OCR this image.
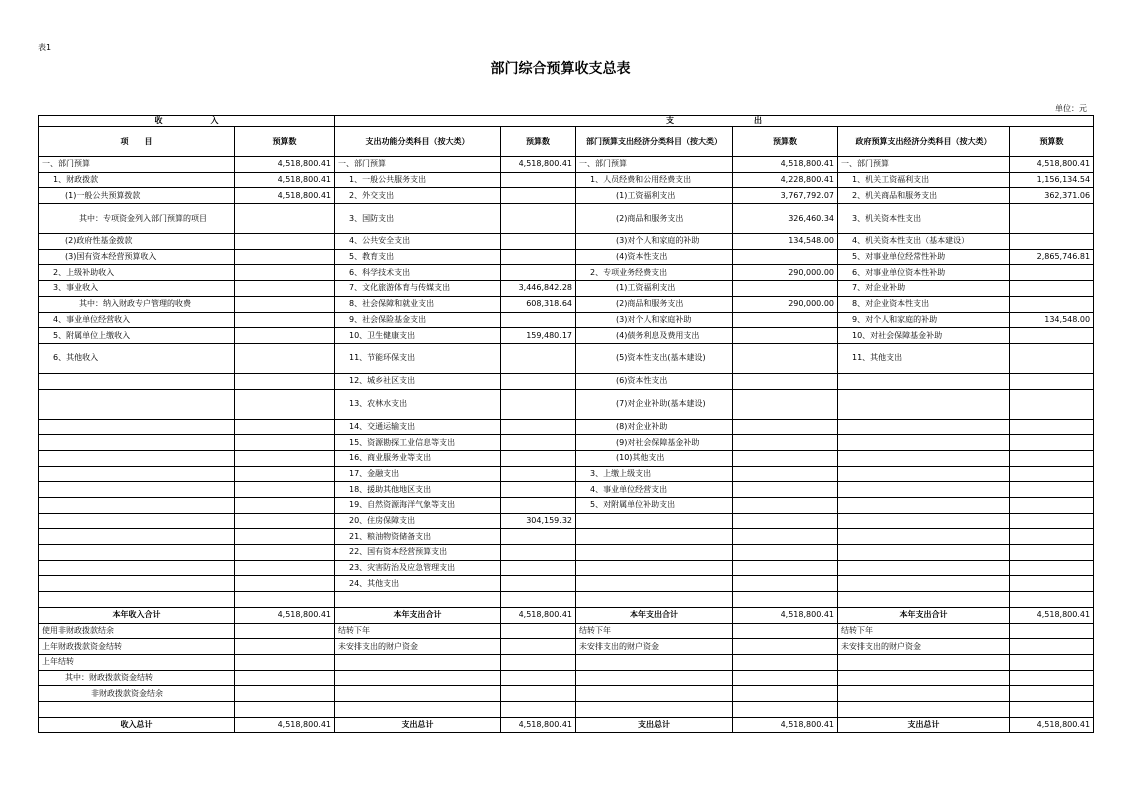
表1
部门综合预算收支总表
单位：元
收　　　　　　入		支　　　　　　　　　　出					
项　　目	预算数	支出功能分类科目（按大类）	预算数	部门预算支出经济分类科目（按大类）	预算数	政府预算支出经济分类科目（按大类）	预算数
一、部门预算	4,518,800.41	一、部门预算	4,518,800.41	一、部门预算	4,518,800.41	一、部门预算	4,518,800.41
1、财政拨款	4,518,800.41	1、一般公共服务支出		1、人员经费和公用经费支出	4,228,800.41	1、机关工资福利支出	1,156,134.54
(1)一般公共预算拨款	4,518,800.41	2、外交支出		(1)工资福利支出	3,767,792.07	2、机关商品和服务支出	362,371.06
其中：专项资金列入部门预算的项目		3、国防支出		(2)商品和服务支出	326,460.34	3、机关资本性支出	
(2)政府性基金拨款		4、公共安全支出		(3)对个人和家庭的补助	134,548.00	4、机关资本性支出（基本建设）	
(3)国有资本经营预算收入		5、教育支出		(4)资本性支出		5、对事业单位经常性补助	2,865,746.81
2、上级补助收入		6、科学技术支出		2、专项业务经费支出	290,000.00	6、对事业单位资本性补助	
3、事业收入		7、文化旅游体育与传媒支出	3,446,842.28	(1)工资福利支出		7、对企业补助	
其中：纳入财政专户管理的收费		8、社会保障和就业支出	608,318.64	(2)商品和服务支出	290,000.00	8、对企业资本性支出	
4、事业单位经营收入		9、社会保险基金支出		(3)对个人和家庭补助		9、对个人和家庭的补助	134,548.00
5、附属单位上缴收入		10、卫生健康支出	159,480.17	(4)债务利息及费用支出		10、对社会保障基金补助	
6、其他收入		11、节能环保支出		(5)资本性支出(基本建设)		11、其他支出	
		12、城乡社区支出		(6)资本性支出			
		13、农林水支出		(7)对企业补助(基本建设)			
		14、交通运输支出		(8)对企业补助			
		15、资源勘探工业信息等支出		(9)对社会保障基金补助			
		16、商业服务业等支出		(10)其他支出			
		17、金融支出		3、上缴上级支出			
		18、援助其他地区支出		4、事业单位经营支出			
		19、自然资源海洋气象等支出		5、对附属单位补助支出			
		20、住房保障支出	304,159.32				
		21、粮油物资储备支出					
		22、国有资本经营预算支出					
		23、灾害防治及应急管理支出					
		24、其他支出					

本年收入合计	4,518,800.41	本年支出合计	4,518,800.41	本年支出合计	4,518,800.41	本年支出合计	4,518,800.41
使用非财政拨款结余		结转下年		结转下年		结转下年	
上年财政拨款资金结转		未安排支出的财户资金		未安排支出的财户资金		未安排支出的财户资金	
上年结转							
其中：财政拨款资金结转							
非财政拨款资金结余							

收入总计	4,518,800.41	支出总计	4,518,800.41	支出总计	4,518,800.41	支出总计	4,518,800.41
